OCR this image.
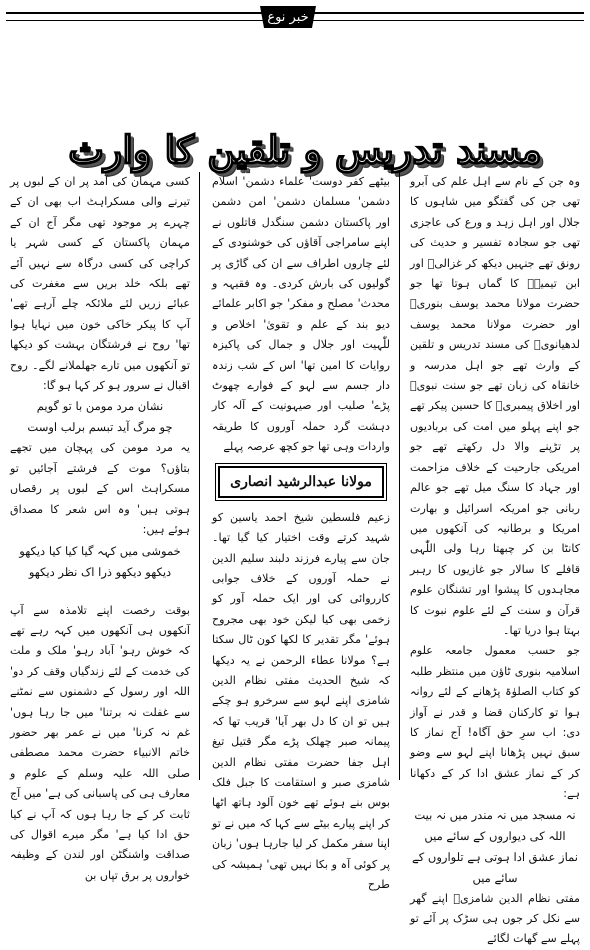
خبر نوع
مسند تدریس و تلقین کا وارث

وہ جن کے نام سے اہل علم کی آبرو تھی جن کی گفتگو میں شاہوں کا جلال اور اہل زہد و ورع کی عاجزی تھی جو سجادہ تفسیر و حدیث کی رونق تھے جنہیں دیکھ کر غزالیؒ اور ابن تیمیہؒ کا گماں ہوتا تھا جو حضرت مولانا محمد یوسف بنوریؒ اور حضرت مولانا محمد یوسف لدھیانویؒ کی مسند تدریس و تلقین کے وارث تھے جو اہل مدرسہ و خانقاہ کی زبان تھے جو سنت نبویؐ اور اخلاق پیمبریؐ کا حسین پیکر تھے جو اپنے پہلو میں امت کی بربادیوں پر تڑپنے والا دل رکھتے تھے جو امریکی جارحیت کے خلاف مزاحمت اور جہاد کا سنگ میل تھے جو عالم ربانی جو امریکہ اسرائیل و بھارت امریکا و برطانیہ کی آنکھوں میں کانٹا بن کر چبھتا رہا ولی اللّٰہی قافلے کا سالار جو غازیوں کا رہبر مجاہدوں کا پیشوا اور تشنگان علوم قرآن و سنت کے لئے علوم نبوت کا بہتا ہوا دریا تھا۔

جو حسب معمول جامعہ علوم اسلامیہ بنوری ٹاؤن میں منتظر طلبہ کو کتاب الصلوٰۃ پڑھانے کے لئے روانہ ہوا تو کارکنان قضا و قدر نے آواز دی: اب سرِ حق آگاہ! آج نماز کا سبق نہیں پڑھانا اپنے لہو سے وضو کر کے نماز عشق ادا کر کے دکھانا ہے:

نہ مسجد میں نہ مندر میں نہ بیت اللہ کی دیواروں کے سائے میں
نماز عشق ادا ہوتی ہے تلواروں کے سائے میں

مفتی نظام الدین شامزیؒ اپنے گھر سے نکل کر جوں ہی سڑک پر آئے تو پہلے سے گھات لگائے

بیٹھے کفر دوست' علماء دشمن' اسلام دشمن' مسلمان دشمن' امن دشمن اور پاکستان دشمن سنگدل قاتلوں نے اپنے سامراجی آقاؤں کی خوشنودی کے لئے چاروں اطراف سے ان کی گاڑی پر گولیوں کی بارش کردی۔ وہ فقیہہ و محدث' مصلح و مفکر' جو اکابر علمائے دیو بند کے علم و تقویٰ' اخلاص و للّٰہیت اور جلال و جمال کی پاکیزہ روایات کا امین تھا' اس کے شب زندہ دار جسم سے لہو کے فوارے چھوٹ پڑے' صلیب اور صیہونیت کے آلہ کار دہشت گرد حملہ آوروں کا طریقہ واردات وہی تھا جو کچھ عرصہ پہلے

مولانا عبدالرشید انصاری

زعیم فلسطین شیخ احمد یاسین کو شہید کرتے وقت اختیار کیا گیا تھا۔ جان سے پیارے فرزند دلبند سلیم الدین نے حملہ آوروں کے خلاف جوابی کارروائی کی اور ایک حملہ آور کو زخمی بھی کیا لیکن خود بھی مجروح ہوئے' مگر تقدیر کا لکھا کون ٹال سکتا ہے؟ مولانا عطاء الرحمن نے یہ دیکھا کہ شیخ الحدیث مفتی نظام الدین شامزی اپنے لہو سے سرخرو ہو چکے ہیں تو ان کا دل بھر آیا' قریب تھا کہ پیمانہ صبر چھلک پڑے مگر قتیل تیغ اہل جفا حضرت مفتی نظام الدین شامزی صبر و استقامت کا جبل فلک بوس بنے ہوئے تھے خون آلود ہاتھ اٹھا کر اپنے پیارے بیٹے سے کہا کہ میں نے تو اپنا سفر مکمل کر لیا جارہا ہوں' زبان پر کوئی آہ و بکا نہیں تھی' ہمیشہ کی طرح

کسی مہمان کی آمد پر ان کے لبوں پر تیرنے والی مسکراہٹ اب بھی ان کے چہرے پر موجود تھی مگر آج ان کے مہمان پاکستان کے کسی شہر یا کراچی کی کسی درگاہ سے نہیں آئے تھے بلکہ خلد بریں سے مغفرت کی عبائے زریں لئے ملائکہ چلے آرہے تھے' آپ کا پیکر خاکی خون میں نہایا ہوا تھا' روح نے فرشتگان بہشت کو دیکھا تو آنکھوں میں تارے جھلملانے لگے۔ روح اقبال نے سرور ہو کر کہا ہو گا:

نشان مرد مومن با تو گویم
چو مرگ آید تبسم برلب اوست

یہ مرد مومن کی پہچان میں تجھے بتاؤں؟ موت کے فرشتے آجائیں تو مسکراہٹ اس کے لبوں پر رقصاں ہوتی ہیں' وہ اس شعر کا مصداق ہوئے ہیں:

خموشی میں کہہ گیا کیا کیا دیکھو
دیکھو دیکھو ذرا اک نظر دیکھو

بوقت رخصت اپنے تلامذہ سے آپ آنکھوں ہی آنکھوں میں کہہ رہے تھے کہ خوش رہو' آباد رہو' ملک و ملت کی خدمت کے لئے زندگیاں وقف کر دو' اللہ اور رسول کے دشمنوں سے نمٹنے سے غفلت نہ برتنا' میں جا رہا ہوں' غم نہ کرنا' میں نے عمر بھر حضور خاتم الانبیاء حضرت محمد مصطفی صلی اللہ علیہ وسلم کے علوم و معارف ہی کی پاسبانی کی ہے' میں آج ثابت کر کے جا رہا ہوں کہ آپ نے کیا حق ادا کیا ہے' مگر میرے اقوال کی صداقت واشنگٹن اور لندن کے وظیفہ خواروں پر برق تپاں بن
